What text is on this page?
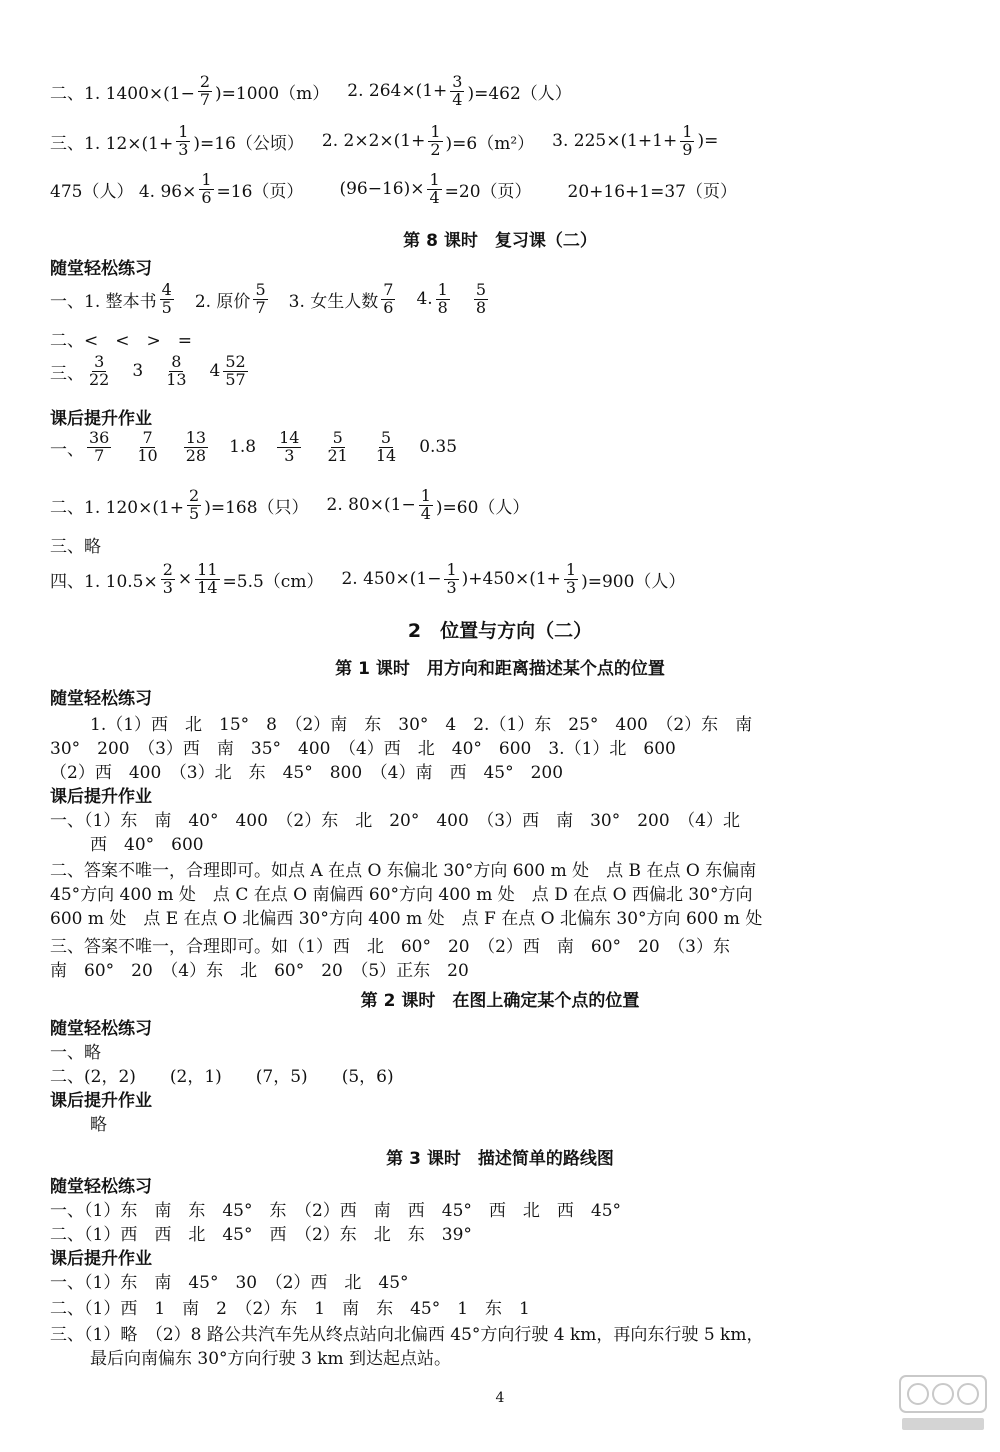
二、1. $1400\times(1- \frac{2}{7} )=1000(m)$ 2. $264\times(1+ \frac{3}{4} )=462$（人）
三、1. $12\times(1+ \frac{1}{3} )=16$（公顷） 2. $2\times 2\times(1+ \frac{1}{2} )=6(m^2)$ 3. $225\times(1+1+ \frac{1}{9}$ )=
475（人） 4. $96\times \frac{1}{6} =16$（页） $(96-16)\times \frac{1}{4} =20$（页） 20+16+1=37（页）
第 8 课时　复习课（二）
随堂轻松练习
一、1. 整本书 $\frac{4}{5} 2$. 原价 $\frac{5}{7} 3$. 女生人数 $\frac{7}{6} 4$. $\frac{1}{8} \frac{5}{8}$
二、<　<　>　=
三、 $\frac{3}{22} 3 \frac{8}{13} 4 \frac{52}{57}$
课后提升作业
一、 $\frac{36}{7} \frac{7}{10} \frac{13}{28} 1.8 \frac{14}{3} \frac{5}{21} \frac{5}{14} 0.35$
二、1. $120\times(1+ \frac{2}{5} )=168$（只） 2. $80\times(1- \frac{1}{4} )=60$（人）
三、略
四、1. $10.5\times \frac{2}{3} \times \frac{11}{14} =5.5(cm)$ 2. $450\times(1- \frac{1}{3} )+450\times(1+ \frac{1}{3} )=900$（人）
2　位置与方向（二）
第 1 课时　用方向和距离描述某个点的位置
随堂轻松练习
1.（1）西　北　15°　8　（2）南　东　30°　4　2.（1）东　25°　400　（2）东　南
30°　200　（3）西　南　35°　400　（4）西　北　40°　600　3.（1）北　600
（2）西　400　（3）北　东　45°　800　（4）南　西　45°　200
课后提升作业
一、（1）东　南　40°　400　（2）东　北　20°　400　（3）西　南　30°　200　（4）北
西　40°　600
二、答案不唯一，合理即可。如点 A 在点 O 东偏北 30°方向 600 m 处　点 B 在点 O 东偏南
45°方向 400 m 处　点 C 在点 O 南偏西 60°方向 400 m 处　点 D 在点 O 西偏北 30°方向
600 m 处　点 E 在点 O 北偏西 30°方向 400 m 处　点 F 在点 O 北偏东 30°方向 600 m 处
三、答案不唯一，合理即可。如（1）西　北　60°　20　（2）西　南　60°　20　（3）东
南　60°　20　（4）东　北　60°　20　（5）正东　20
第 2 课时　在图上确定某个点的位置
随堂轻松练习
一、略
二、(2，2)　　(2，1)　　(7，5)　　(5，6)
课后提升作业
略
第 3 课时　描述简单的路线图
随堂轻松练习
一、（1）东　南　东　45°　东　（2）西　南　西　45°　西　北　西　45°
二、（1）西　西　北　45°　西　（2）东　北　东　39°
课后提升作业
一、（1）东　南　45°　30　（2）西　北　45°
二、（1）西　1　南　2　（2）东　1　南　东　45°　1　东　1
三、（1）略　（2）8 路公共汽车先从终点站向北偏西 45°方向行驶 4 km，再向东行驶 5 km，
最后向南偏东 30°方向行驶 3 km 到达起点站。
4
